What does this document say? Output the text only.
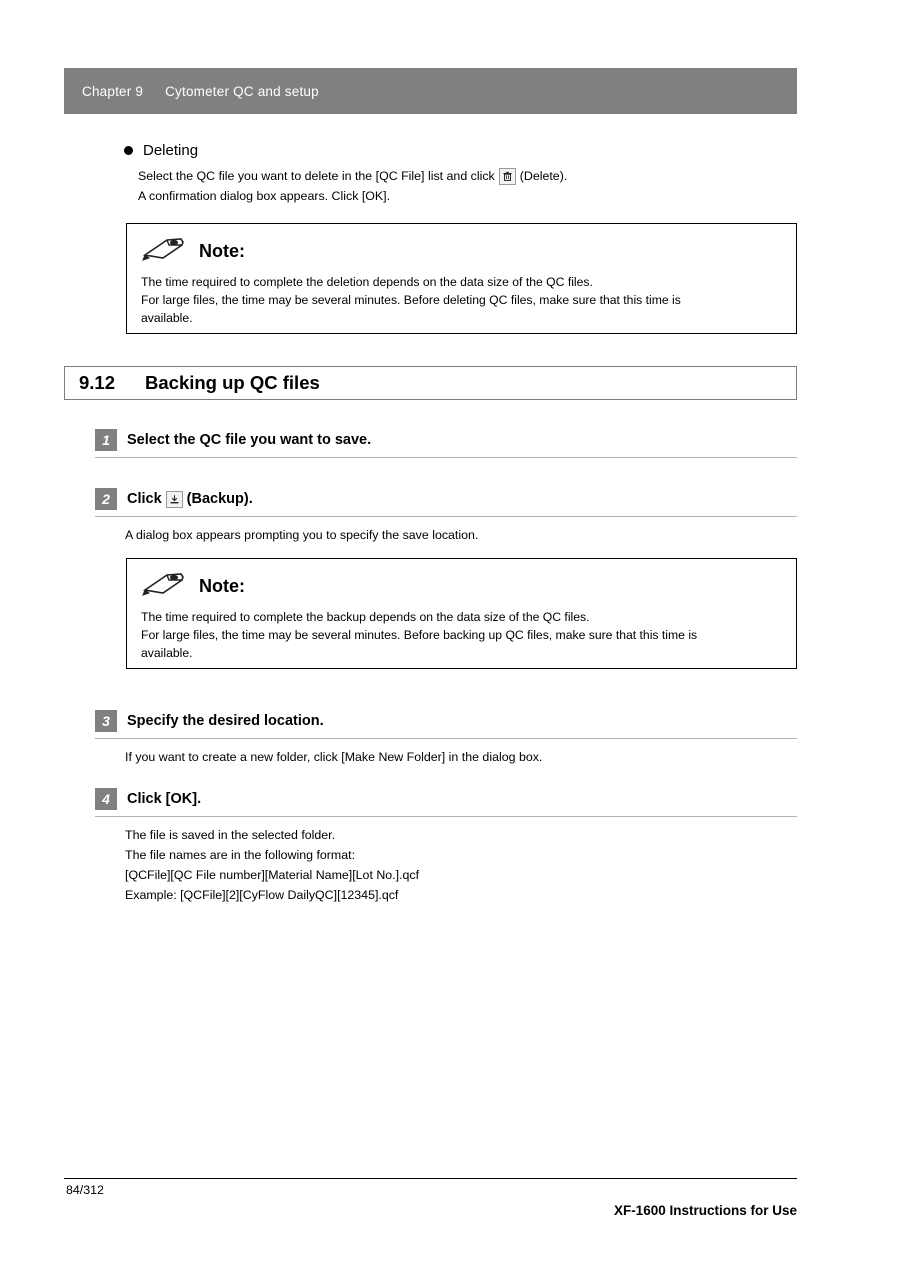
Chapter 9 Cytometer QC and setup
Deleting
Select the QC file you want to delete in the [QC File] list and click (Delete).
A confirmation dialog box appears. Click [OK].
Note:
The time required to complete the deletion depends on the data size of the QC files.
For large files, the time may be several minutes. Before deleting QC files, make sure that this time is
available.
9.12 Backing up QC files
1	Select the QC file you want to save.
2	Click (Backup).
A dialog box appears prompting you to specify the save location.
Note:
The time required to complete the backup depends on the data size of the QC files.
For large files, the time may be several minutes. Before backing up QC files, make sure that this time is
available.
3	Specify the desired location.
If you want to create a new folder, click [Make New Folder] in the dialog box.
4	Click [OK].
The file is saved in the selected folder.
The file names are in the following format:
[QCFile][QC File number][Material Name][Lot No.].qcf
Example: [QCFile][2][CyFlow DailyQC][12345].qcf
84/312
XF-1600 Instructions for Use
